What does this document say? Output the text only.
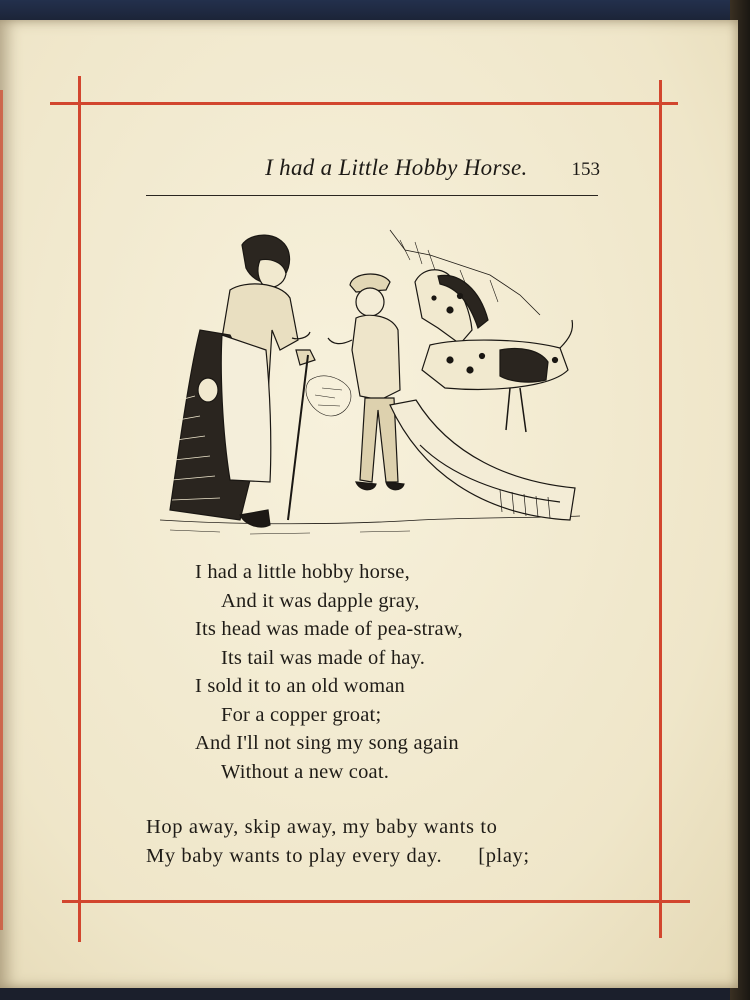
I had a Little Hobby Horse. 153
I had a little hobby horse,
And it was dapple gray,
Its head was made of pea-straw,
Its tail was made of hay.
I sold it to an old woman
For a copper groat;
And I'll not sing my song again
Without a new coat.
Hop away, skip away, my baby wants to
My baby wants to play every day. [play;
